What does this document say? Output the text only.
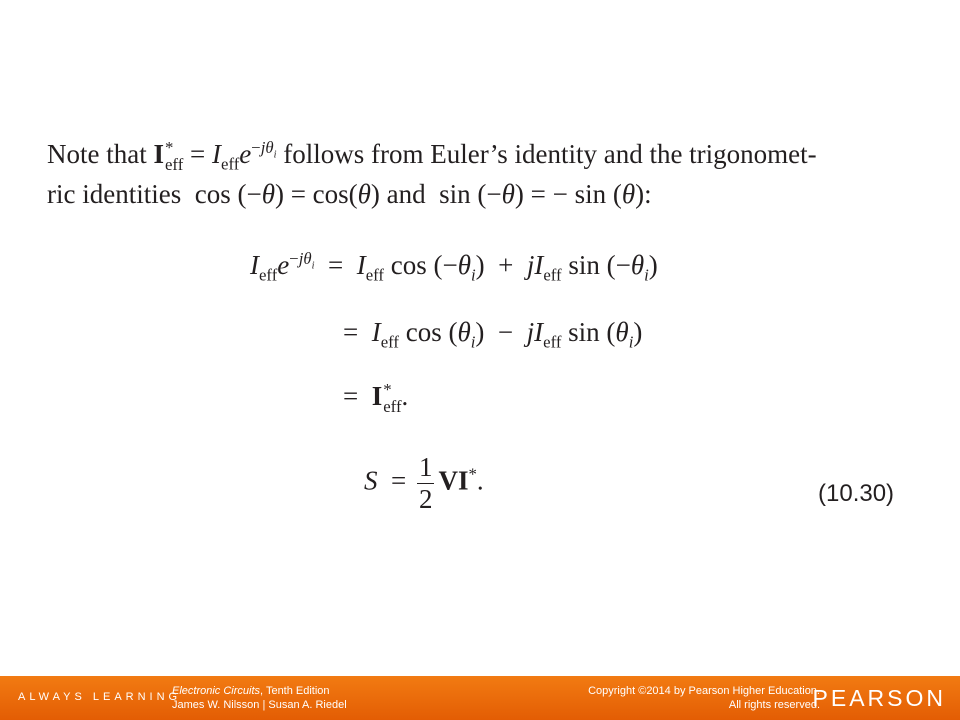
Note that I *
eff = $I_{eff}e^{-j\theta_i}$ follows from Euler’s identity and the trigonomet-
ric identities  cos (−θ) = cos(θ) and  sin (−θ) = − sin (θ):
$I_{eff}e^{-j\theta_i} = I_{eff}$ $\cos (-\theta_i) + jI_{eff}$ $\sin (-\theta_i)$
=  $I_{eff}$ $\cos (\theta_i) - jI_{eff}$ $\sin (\theta_i)$
=  I *
eff .
$S = \frac{1}{2} VI^*$.	(10.30)
ALWAYS LEARNING
Electronic Circuits, Tenth Edition
James W. Nilsson | Susan A. Riedel
Copyright ©2014 by Pearson Higher Education.
All rights reserved.
PEARSON
